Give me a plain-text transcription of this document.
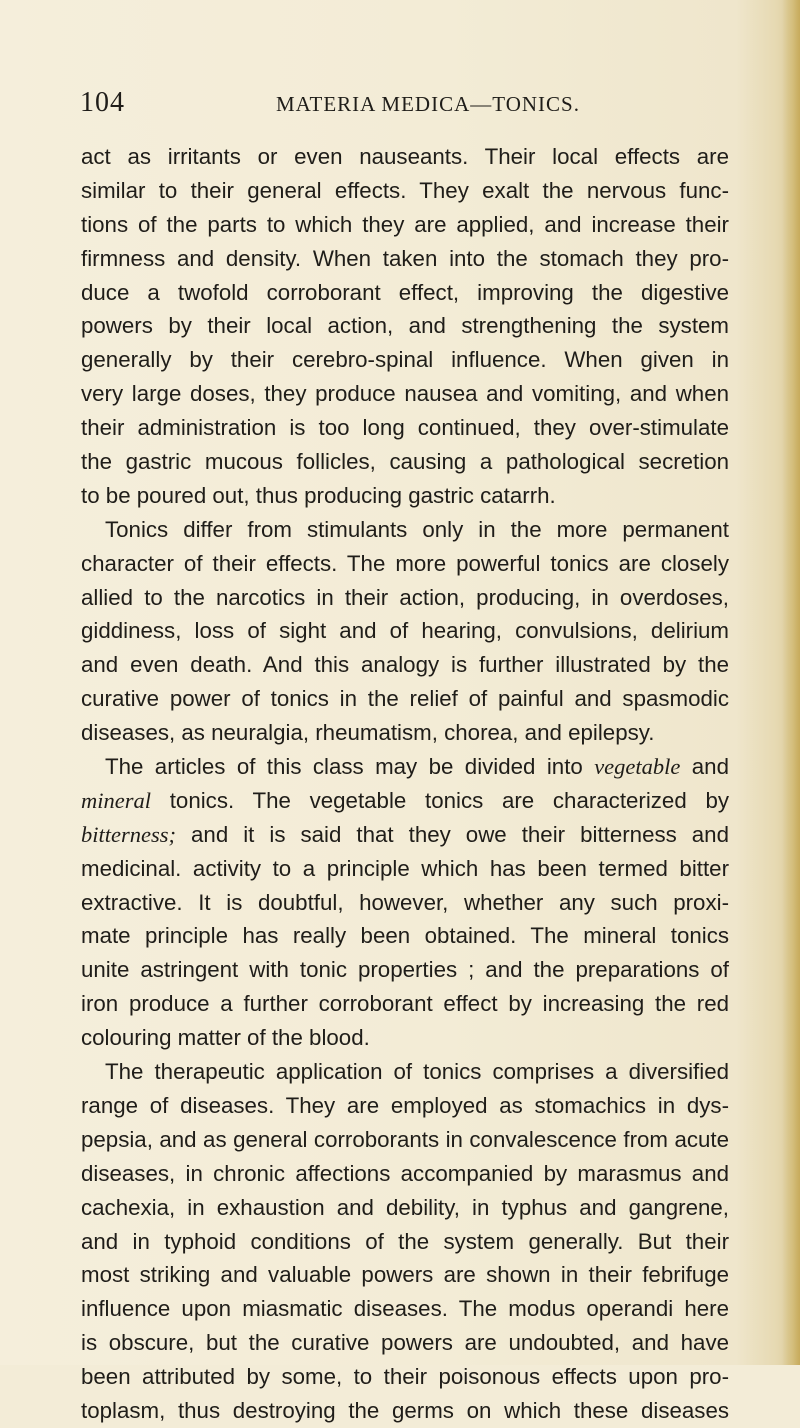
104	MATERIA MEDICA—TONICS.
act as irritants or even nauseants. Their local effects are
similar to their general effects. They exalt the nervous func-
tions of the parts to which they are applied, and increase their
firmness and density. When taken into the stomach they pro-
duce a twofold corroborant effect, improving the digestive
powers by their local action, and strengthening the system
generally by their cerebro-spinal influence. When given in
very large doses, they produce nausea and vomiting, and when
their administration is too long continued, they over-stimulate
the gastric mucous follicles, causing a pathological secretion
to be poured out, thus producing gastric catarrh.
Tonics differ from stimulants only in the more permanent
character of their effects. The more powerful tonics are closely
allied to the narcotics in their action, producing, in overdoses,
giddiness, loss of sight and of hearing, convulsions, delirium
and even death. And this analogy is further illustrated by the
curative power of tonics in the relief of painful and spasmodic
diseases, as neuralgia, rheumatism, chorea, and epilepsy.
The articles of this class may be divided into vegetable and
mineral tonics. The vegetable tonics are characterized by
bitterness; and it is said that they owe their bitterness and
medicinal. activity to a principle which has been termed bitter
extractive. It is doubtful, however, whether any such proxi-
mate principle has really been obtained. The mineral tonics
unite astringent with tonic properties ; and the preparations of
iron produce a further corroborant effect by increasing the red
colouring matter of the blood.
The therapeutic application of tonics comprises a diversified
range of diseases. They are employed as stomachics in dys-
pepsia, and as general corroborants in convalescence from acute
diseases, in chronic affections accompanied by marasmus and
cachexia, in exhaustion and debility, in typhus and gangrene,
and in typhoid conditions of the system generally. But their
most striking and valuable powers are shown in their febrifuge
influence upon miasmatic diseases. The modus operandi here
is obscure, but the curative powers are undoubted, and have
been attributed by some, to their poisonous effects upon pro-
toplasm, thus destroying the germs on which these diseases
